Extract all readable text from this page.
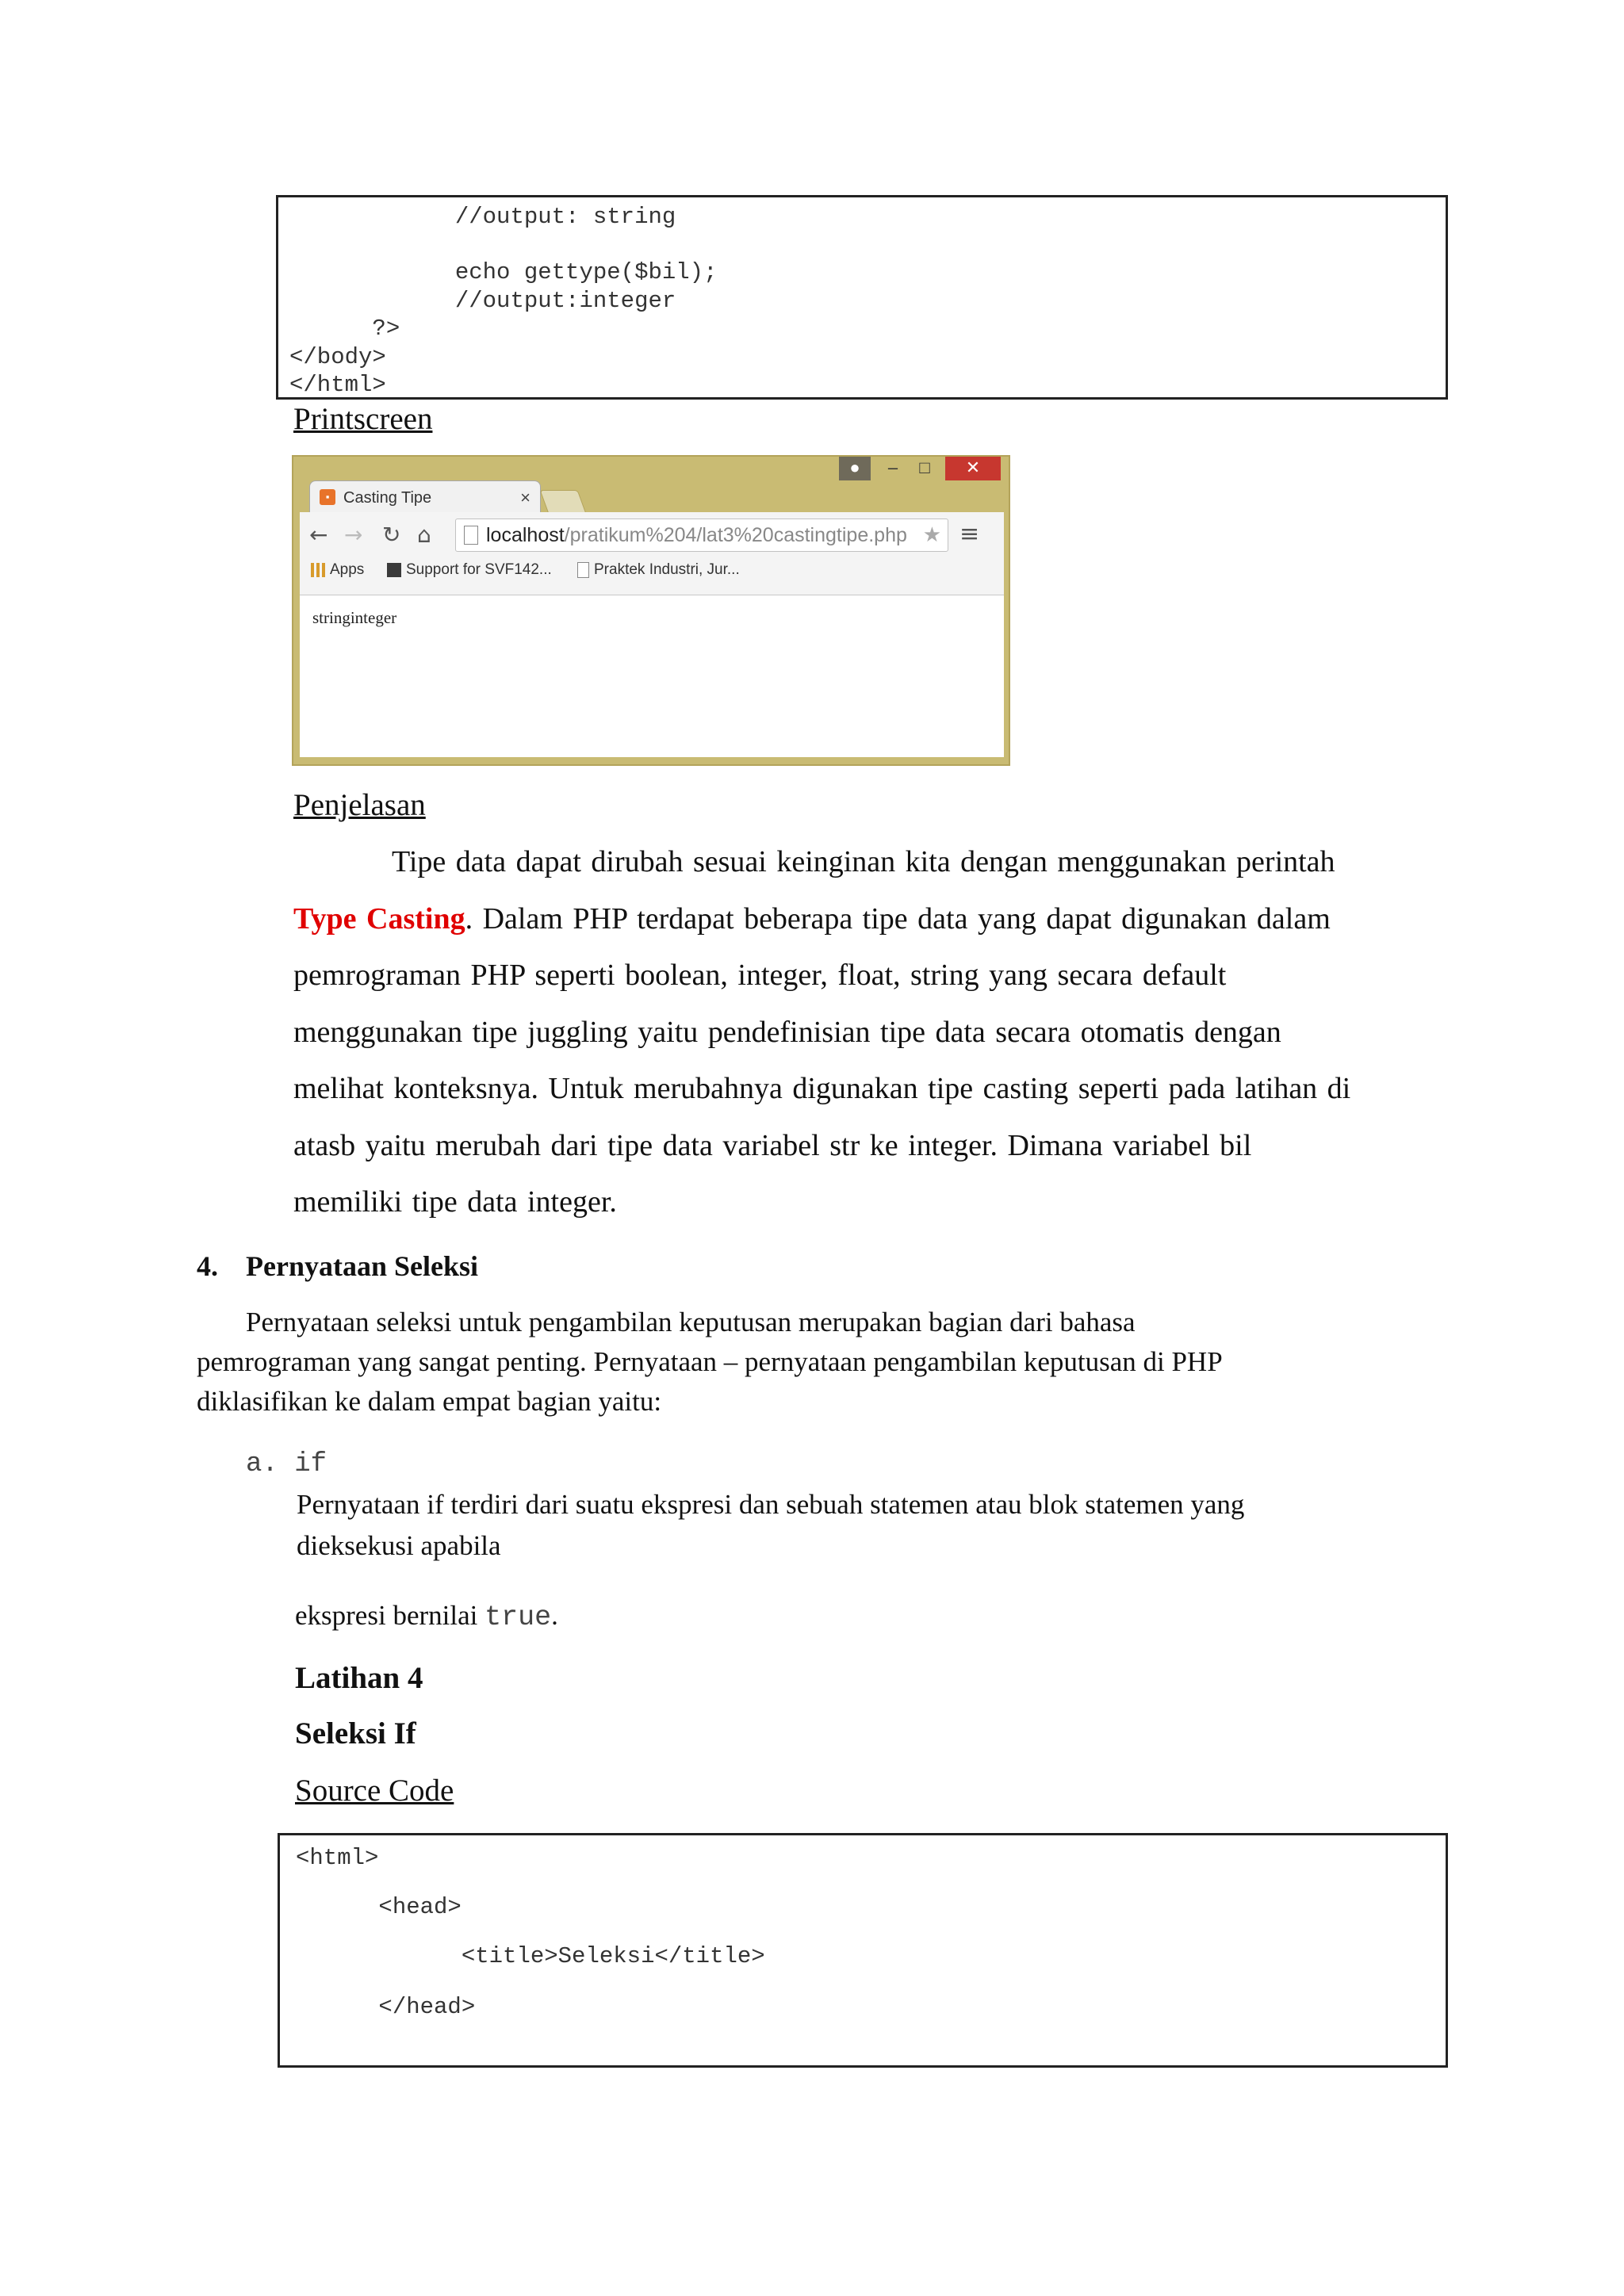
//output: string
echo gettype($bil);
//output:integer
?>
</body>
</html>
Printscreen
▪ Casting Tipe	×
●	–	□	✕
← → ↻ ⌂	localhost/pratikum%204/lat3%20castingtipe.php ★ ≡
Apps	Support for SVF142...	Praktek Industri, Jur...
stringinteger
Penjelasan
Tipe data dapat dirubah sesuai keinginan kita dengan menggunakan perintah
Type Casting. Dalam PHP terdapat beberapa tipe data yang dapat digunakan dalam
pemrograman PHP seperti boolean, integer, float, string yang secara default
menggunakan tipe juggling yaitu pendefinisian tipe data secara otomatis dengan
melihat konteksnya. Untuk merubahnya digunakan tipe casting seperti pada latihan di
atasb yaitu merubah dari tipe data variabel str ke integer. Dimana variabel bil
memiliki tipe data integer.
4. Pernyataan Seleksi
Pernyataan seleksi untuk pengambilan keputusan merupakan bagian dari bahasa
pemrograman yang sangat penting. Pernyataan – pernyataan pengambilan keputusan di PHP
diklasifikan ke dalam empat bagian yaitu:
a. if
Pernyataan if terdiri dari suatu ekspresi dan sebuah statemen atau blok statemen yang
dieksekusi apabila
ekspresi bernilai true.
Latihan 4
Seleksi If
Source Code
<html>
<head>
<title>Seleksi</title>
</head>
